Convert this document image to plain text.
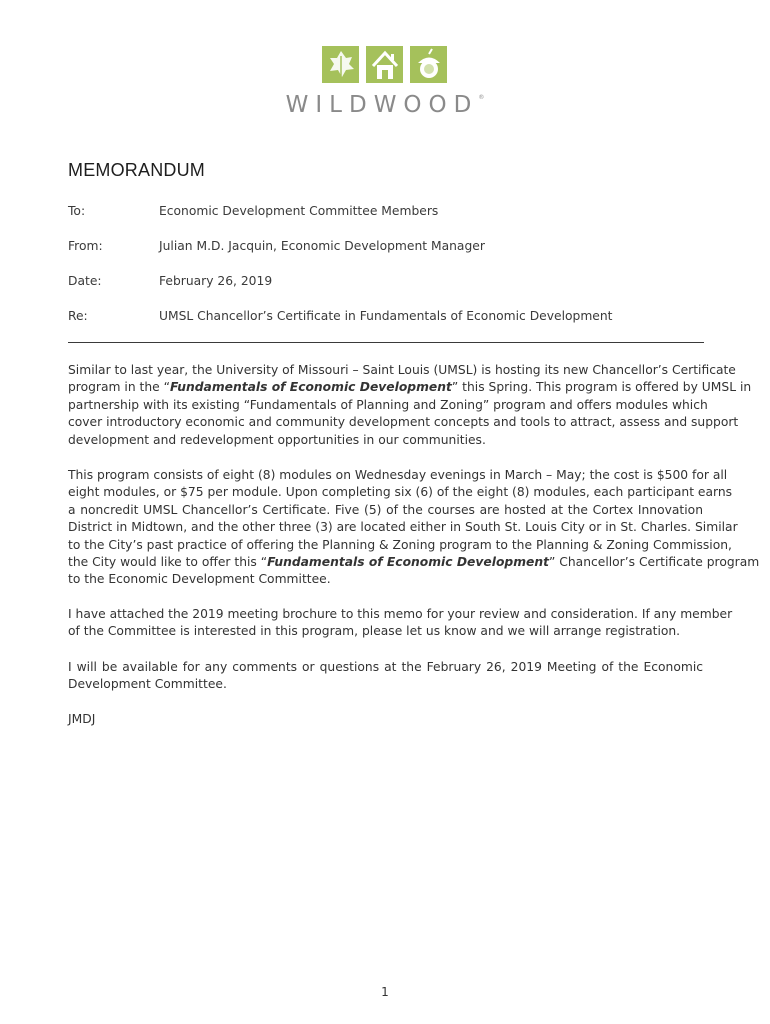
WILDWOOD®
MEMORANDUM
To:	Economic Development Committee Members
From:	Julian M.D. Jacquin, Economic Development Manager
Date:	February 26, 2019
Re:	UMSL Chancellor’s Certificate in Fundamentals of Economic Development

Similar to last year, the University of Missouri – Saint Louis (UMSL) is hosting its new Chancellor’s Certificate
program in the “Fundamentals of Economic Development” this Spring. This program is offered by UMSL in
partnership with its existing “Fundamentals of Planning and Zoning” program and offers modules which
cover introductory economic and community development concepts and tools to attract, assess and support
development and redevelopment opportunities in our communities.

This program consists of eight (8) modules on Wednesday evenings in March – May; the cost is $500 for all
eight modules, or $75 per module. Upon completing six (6) of the eight (8) modules, each participant earns
a noncredit UMSL Chancellor’s Certificate. Five (5) of the courses are hosted at the Cortex Innovation
District in Midtown, and the other three (3) are located either in South St. Louis City or in St. Charles. Similar
to the City’s past practice of offering the Planning & Zoning program to the Planning & Zoning Commission,
the City would like to offer this “Fundamentals of Economic Development” Chancellor’s Certificate program
to the Economic Development Committee.

I have attached the 2019 meeting brochure to this memo for your review and consideration. If any member
of the Committee is interested in this program, please let us know and we will arrange registration.

I will be available for any comments or questions at the February 26, 2019 Meeting of the Economic
Development Committee.

JMDJ

1
